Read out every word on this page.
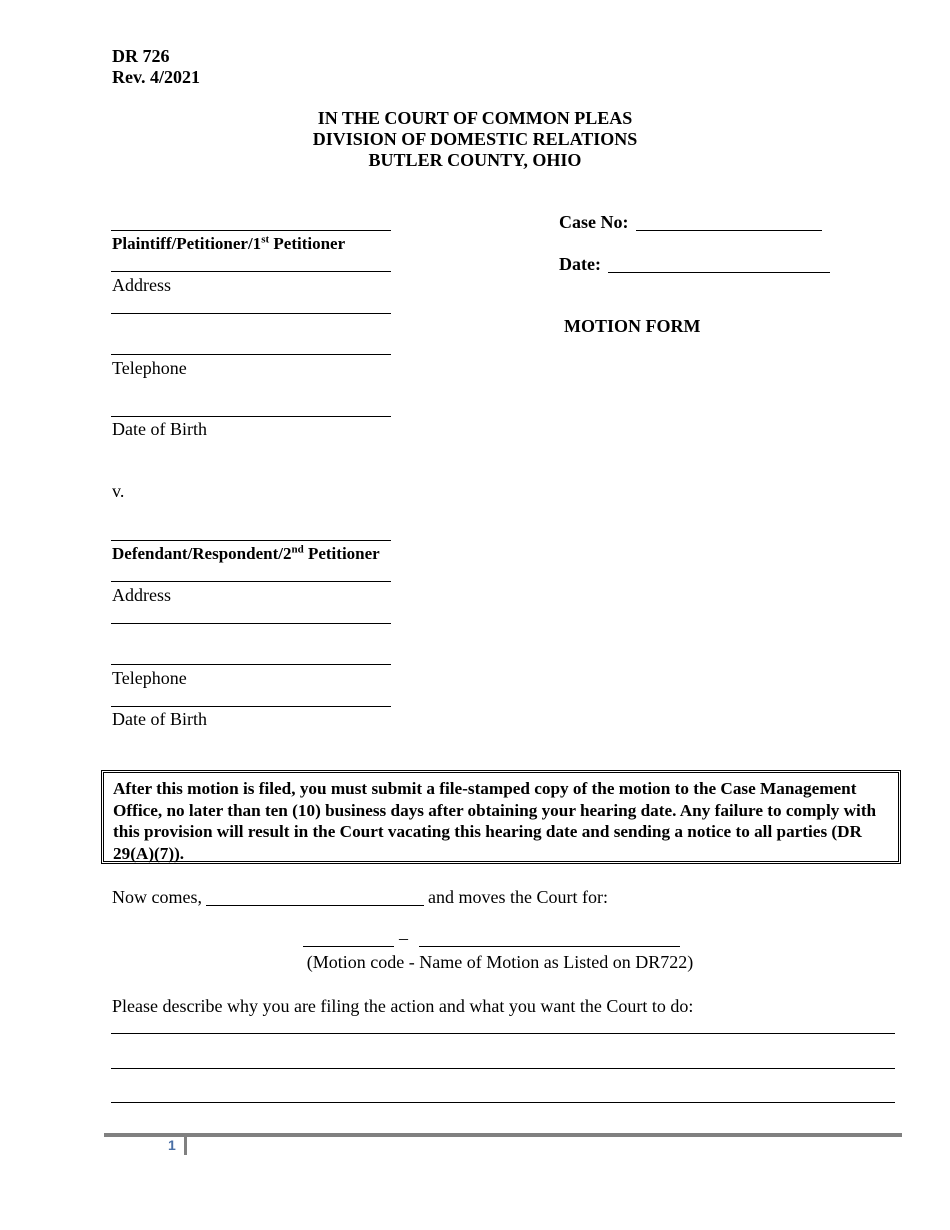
DR 726
Rev. 4/2021
IN THE COURT OF COMMON PLEAS
DIVISION OF DOMESTIC RELATIONS
BUTLER COUNTY, OHIO
Case No:
Date:
MOTION FORM
Plaintiff/Petitioner/1st Petitioner
Address
Telephone
Date of Birth
v.
Defendant/Respondent/2nd Petitioner
Address
Telephone
Date of Birth
After this motion is filed, you must submit a file-stamped copy of the motion to the Case Management Office, no later than ten (10) business days after obtaining your hearing date. Any failure to comply with this provision will result in the Court vacating this hearing date and sending a notice to all parties (DR 29(A)(7)).
Now comes,	and moves the Court for:
–
(Motion code - Name of Motion as Listed on DR722)
Please describe why you are filing the action and what you want the Court to do:
1
